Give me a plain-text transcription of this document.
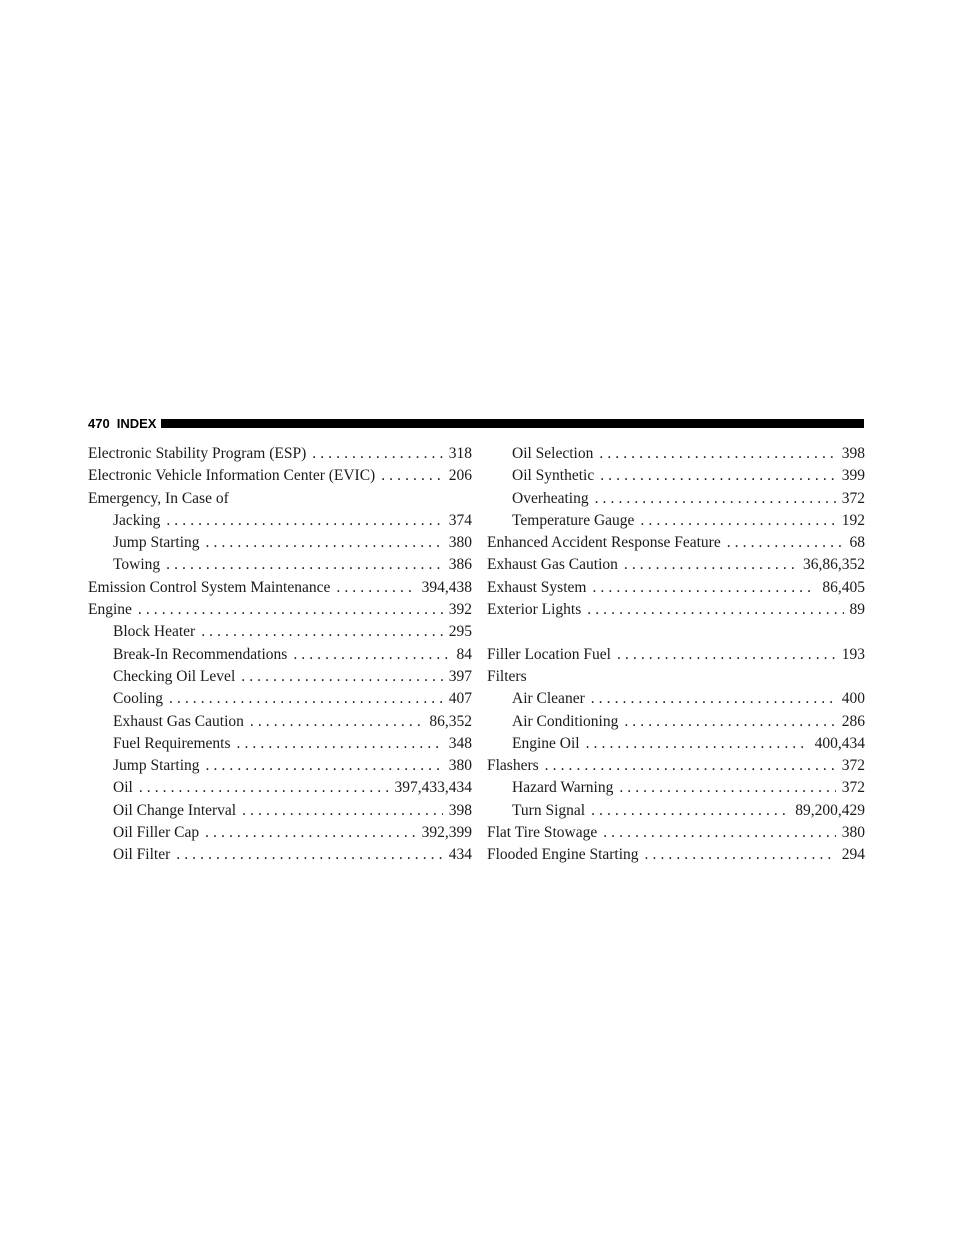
470 INDEX
Electronic Stability Program (ESP) . . .	318
Electronic Vehicle Information Center (EVIC) . . .	206
Emergency, In Case of
Jacking . . .	374
Jump Starting . . .	380
Towing . . .	386
Emission Control System Maintenance . . .	394,438
Engine . . .	392
Block Heater . . .	295
Break-In Recommendations . . .	84
Checking Oil Level . . .	397
Cooling . . .	407
Exhaust Gas Caution . . .	86,352
Fuel Requirements . . .	348
Jump Starting . . .	380
Oil . . .	397,433,434
Oil Change Interval . . .	398
Oil Filler Cap . . .	392,399
Oil Filter . . .	434
Oil Selection . . .	398
Oil Synthetic . . .	399
Overheating . . .	372
Temperature Gauge . . .	192
Enhanced Accident Response Feature . . .	68
Exhaust Gas Caution . . .	36,86,352
Exhaust System . . .	86,405
Exterior Lights . . .	89
Filler Location Fuel . . .	193
Filters
Air Cleaner . . .	400
Air Conditioning . . .	286
Engine Oil . . .	400,434
Flashers . . .	372
Hazard Warning . . .	372
Turn Signal . . .	89,200,429
Flat Tire Stowage . . .	380
Flooded Engine Starting . . .	294
